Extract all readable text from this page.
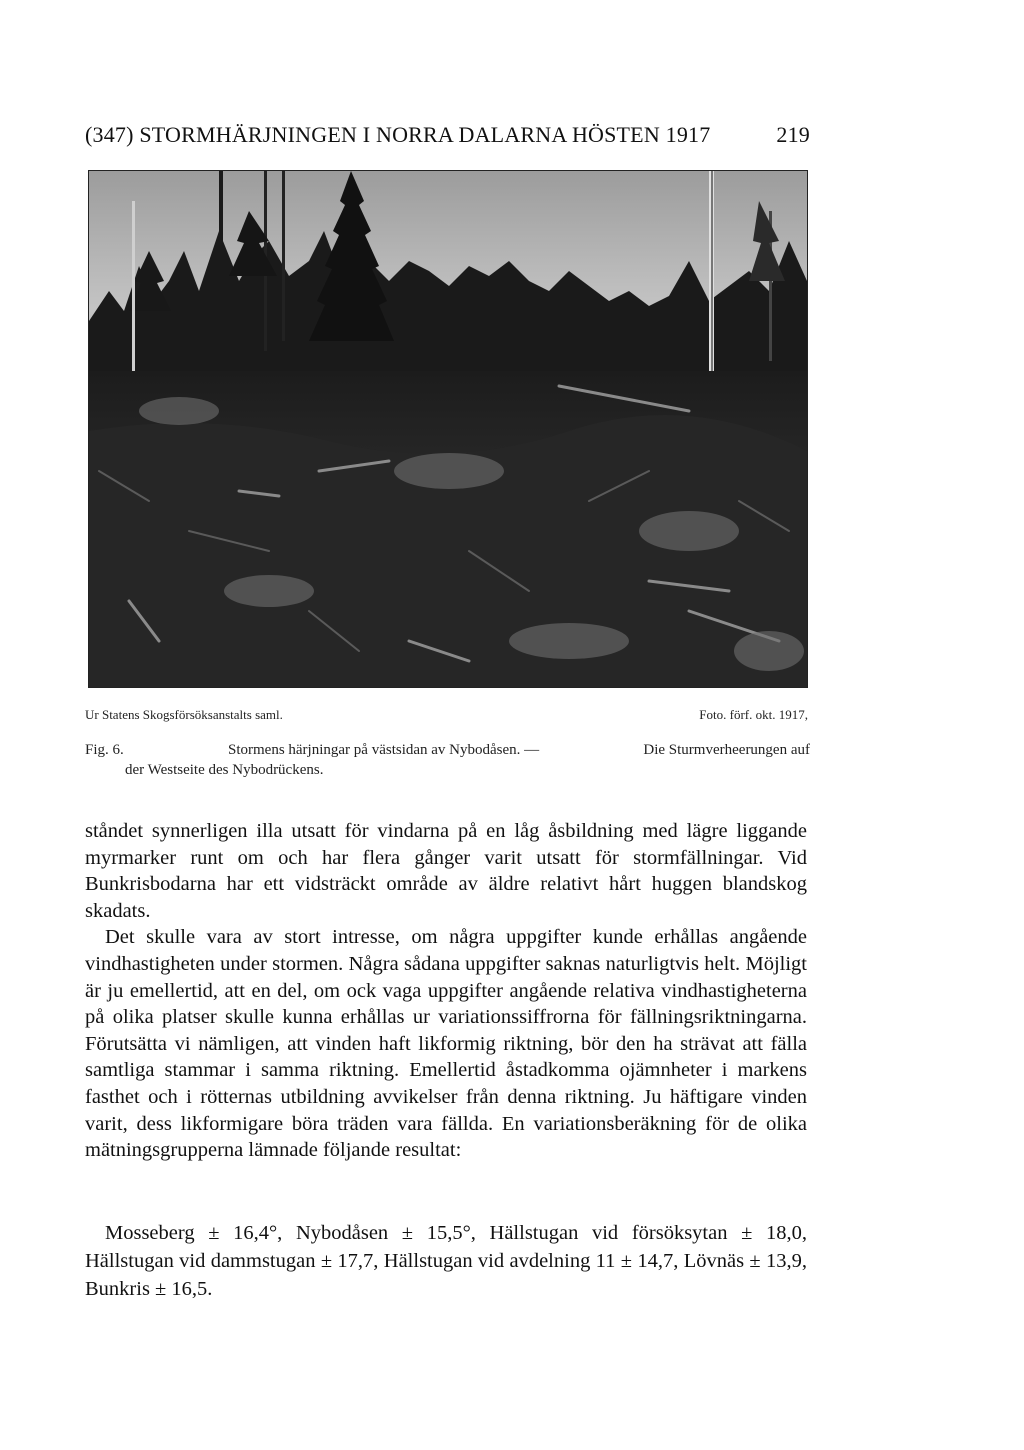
(347) STORMHÄRJNINGEN I NORRA DALARNA HÖSTEN 1917	219
Ur Statens Skogsförsöksanstalts saml.	Foto. förf. okt. 1917,
Fig. 6.	Stormens härjningar på västsidan av Nybodåsen. —	Die Sturmverheerungen auf
der Westseite des Nybodrückens.

ståndet synnerligen illa utsatt för vindarna på en låg åsbildning med lägre liggande myrmarker runt om och har flera gånger varit utsatt för stormfällningar. Vid Bunkrisbodarna har ett vidsträckt område av äldre relativt hårt huggen blandskog skadats.

Det skulle vara av stort intresse, om några uppgifter kunde erhållas angående vindhastigheten under stormen. Några sådana uppgifter saknas naturligtvis helt. Möjligt är ju emellertid, att en del, om ock vaga uppgifter angående relativa vindhastigheterna på olika platser skulle kunna erhållas ur variationssiffrorna för fällningsriktningarna. Förutsätta vi nämligen, att vinden haft likformig riktning, bör den ha strävat att fälla samtliga stammar i samma riktning. Emellertid åstadkomma ojämnheter i markens fasthet och i rötternas utbildning avvikelser från denna riktning. Ju häftigare vinden varit, dess likformigare böra träden vara fällda. En variationsberäkning för de olika mätningsgrupperna lämnade följande resultat:

Mosseberg ± 16,4°, Nybodåsen ± 15,5°, Hällstugan vid försöksytan ± 18,0, Hällstugan vid dammstugan ± 17,7, Hällstugan vid avdelning 11 ± 14,7, Lövnäs ± 13,9, Bunkris ± 16,5.
